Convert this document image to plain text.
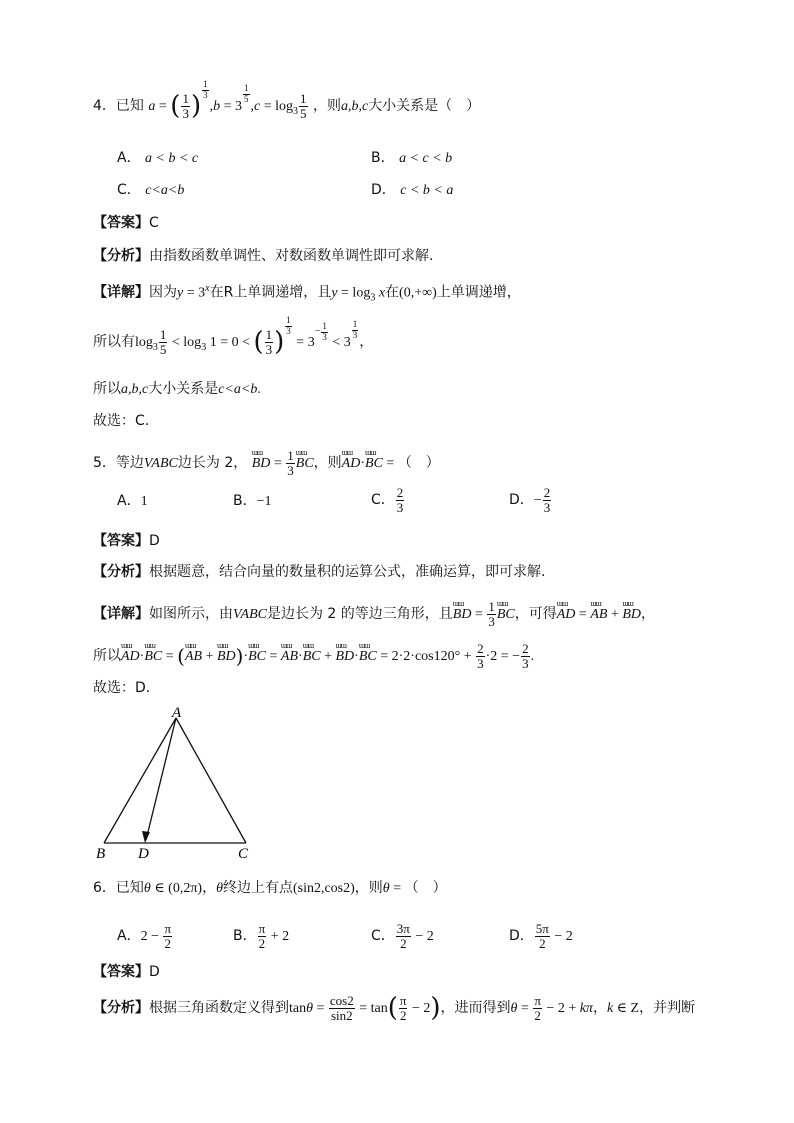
4．已知 a = ( $\frac{1}{3}$ )
$^{\frac{1}{3}}$
,b = 3
$^{\frac{1}{5}}$
$,c = \log_3 \frac{1}{5}$ ，则a,b,c大小关系是（　）
A． a < b < c	B． a < c < b
C． c<a<b	D． c < b < a
【答案】C
【分析】由指数函数单调性、对数函数单调性即可求解.
【详解】因为$y = 3^x$在R上单调递增，且$y = \log_3 x$在(0,+∞)上单调递增，
所以有$\log_3 \frac{1}{5} < \log_3 1 = 0$ < ( $\frac{1}{3}$ )
$^{\frac{1}{3}}$
= $3^{- \frac{1}{3}}$
< 3
$^{\frac{1}{3}}$
，
所以a,b,c大小关系是c<a<b.
故选：C.
5．等边VABC边长为 2， ɯɯ BD = $\frac{1}{3}$ ɯɯ BC，则ɯɯ AD·ɯɯ BC = （　）
A．1	B．−1	C． $\frac{2}{3}$	D．− $\frac{2}{3}$
【答案】D
【分析】根据题意，结合向量的数量积的运算公式，准确运算，即可求解.
【详解】如图所示，由VABC是边长为 2 的等边三角形，且ɯɯ BD = $\frac{1}{3}$ ɯɯ BC，可得ɯɯ AD = ɯɯ AB + ɯɯ BD，
所以ɯɯ AD·ɯɯ BC = (ɯɯ AB + ɯɯ BD)·ɯɯ BC = ɯɯ AB·ɯɯ BC + ɯɯ BD·ɯɯ BC = $2\cdot 2\cdot\cos 120^\circ + \frac{2}{3} \cdot 2$ = − $\frac{2}{3}$ .
故选：D.
A
B D	C
6．已知θ ∈ (0,2π)，θ终边上有点(sin2,cos2)，则θ = （　）
A．$2 - \frac{\pi}{2}$	B． $\frac{\pi}{2} + 2$	C． $\frac{3\pi}{2} - 2$	D． $\frac{5\pi}{2} - 2$
【答案】D
【分析】根据三角函数定义得到$\tan\theta = \frac{\cos 2}{\sin 2} = \tan( \frac{\pi}{2} - 2)$，进而得到$\theta = \frac{\pi}{2} - 2 + k\pi$，k ∈ Z，并判断
